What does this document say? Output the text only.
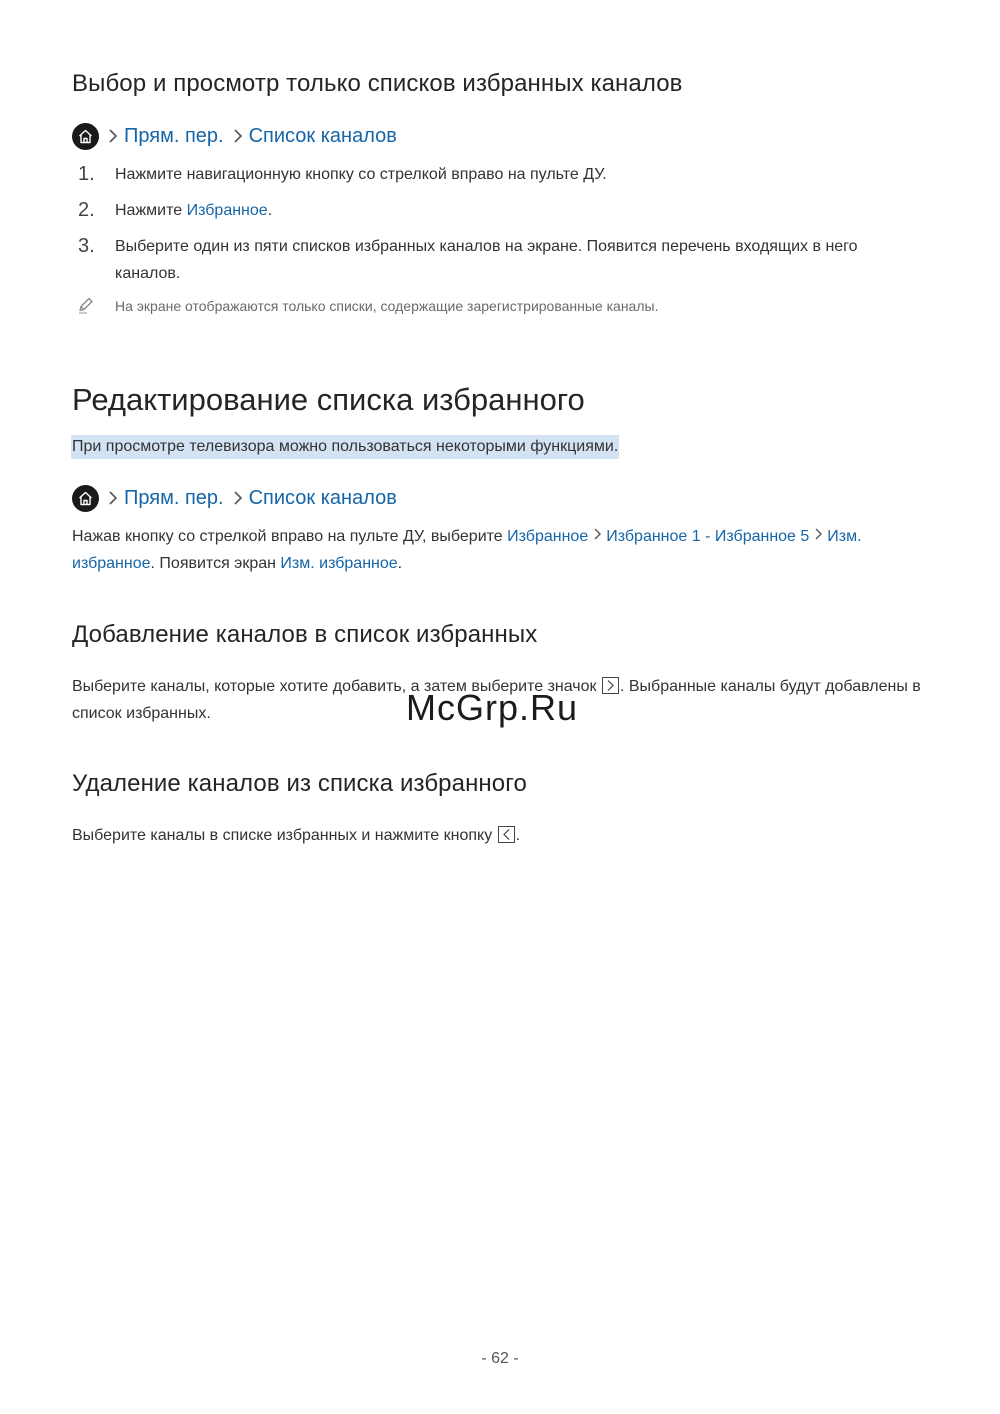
Выбор и просмотр только списков избранных каналов
Прям. пер. Список каналов
1.	Нажмите навигационную кнопку со стрелкой вправо на пульте ДУ.
2.	Нажмите Избранное.
3.	Выберите один из пяти списков избранных каналов на экране. Появится перечень входящих в него каналов.
На экране отображаются только списки, содержащие зарегистрированные каналы.
Редактирование списка избранного
При просмотре телевизора можно пользоваться некоторыми функциями.
Прям. пер. Список каналов
Нажав кнопку со стрелкой вправо на пульте ДУ, выберите Избранное Избранное 1 - Избранное 5 Изм. избранное. Появится экран Изм. избранное.
Добавление каналов в список избранных
Выберите каналы, которые хотите добавить, а затем выберите значок
. Выбранные каналы будут добавлены в список избранных.
Удаление каналов из списка избранного
Выберите каналы в списке избранных и нажмите кнопку
.
McGrp.Ru
- 62 -
